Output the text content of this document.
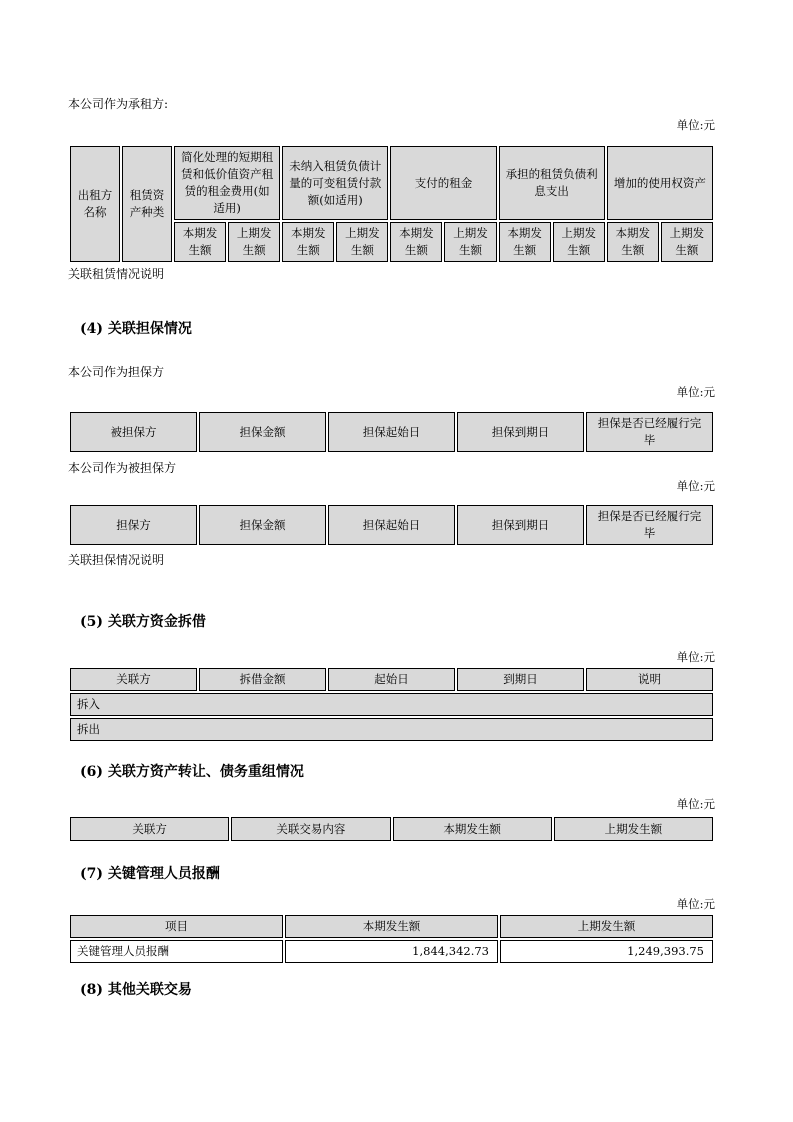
本公司作为承租方:

单位:元

出租方名称	租赁资产种类	简化处理的短期租赁和低价值资产租赁的租金费用(如适用)		未纳入租赁负债计量的可变租赁付款额(如适用)		支付的租金		承担的租赁负债利息支出		增加的使用权资产	
		本期发生额	上期发生额	本期发生额	上期发生额	本期发生额	上期发生额	本期发生额	上期发生额	本期发生额	上期发生额

关联租赁情况说明

(4) 关联担保情况

本公司作为担保方

单位:元

被担保方	担保金额	担保起始日	担保到期日	担保是否已经履行完毕

本公司作为被担保方

单位:元

担保方	担保金额	担保起始日	担保到期日	担保是否已经履行完毕

关联担保情况说明

(5) 关联方资金拆借

单位:元

关联方	拆借金额	起始日	到期日	说明
拆入
拆出
(6) 关联方资产转让、债务重组情况

单位:元

关联方	关联交易内容	本期发生额	上期发生额
(7) 关键管理人员报酬

单位:元

项目	本期发生额	上期发生额
关键管理人员报酬	1,844,342.73	1,249,393.75
(8) 其他关联交易
